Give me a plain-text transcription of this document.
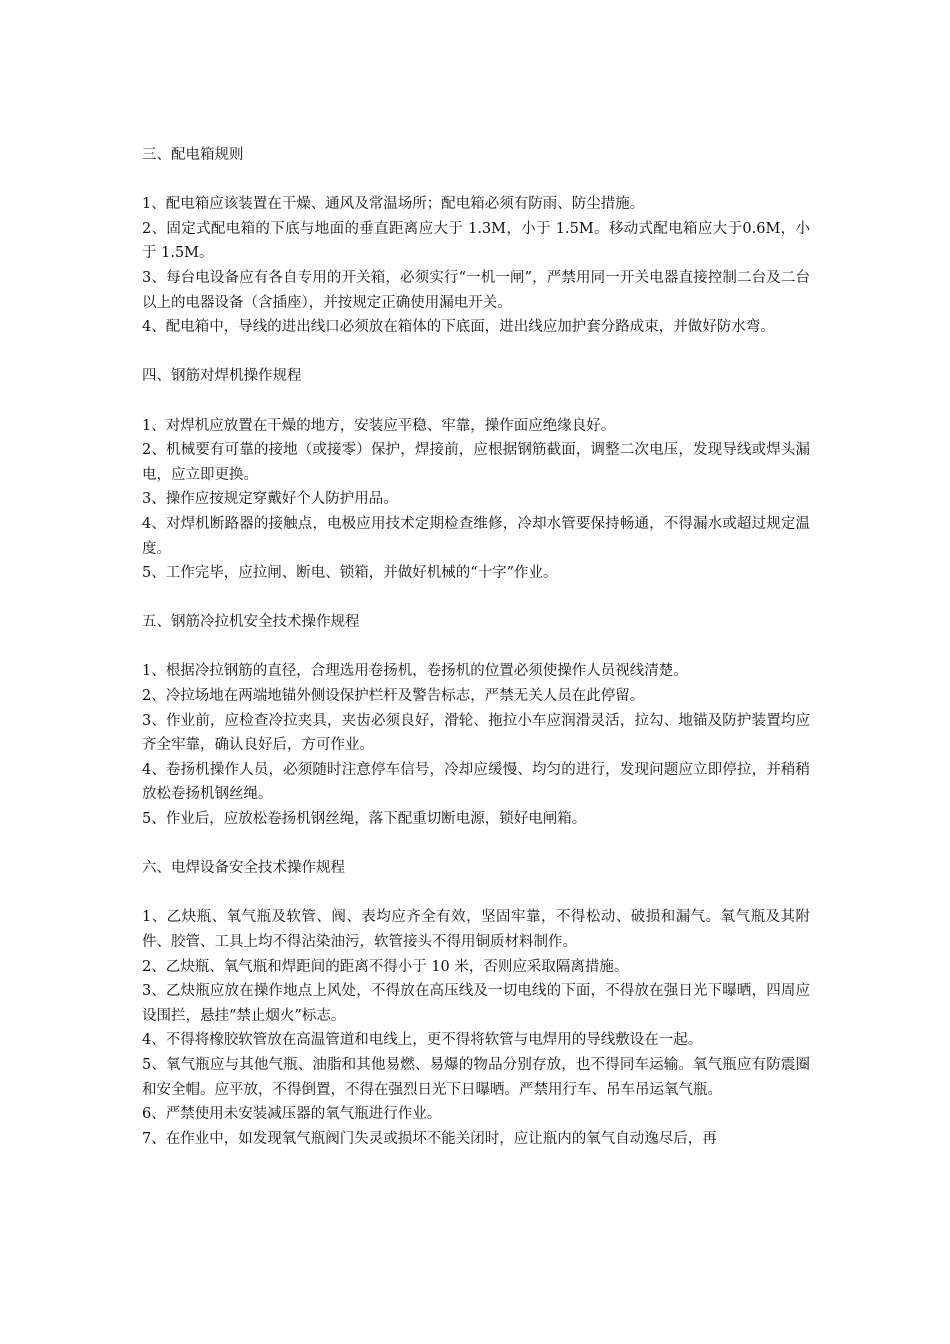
三、配电箱规则

1、配电箱应该装置在干燥、通风及常温场所；配电箱必须有防雨、防尘措施。

2、固定式配电箱的下底与地面的垂直距离应大于 1.3M，小于 1.5M。移动式配电箱应大于0.6M，小于 1.5M。

3、每台电设备应有各自专用的开关箱，必须实行“一机一闸”，严禁用同一开关电器直接控制二台及二台以上的电器设备（含插座），并按规定正确使用漏电开关。

4、配电箱中，导线的进出线口必须放在箱体的下底面，进出线应加护套分路成束，并做好防水弯。

四、钢筋对焊机操作规程

1、对焊机应放置在干燥的地方，安装应平稳、牢靠，操作面应绝缘良好。

2、机械要有可靠的接地（或接零）保护，焊接前，应根据钢筋截面，调整二次电压，发现导线或焊头漏电，应立即更换。

3、操作应按规定穿戴好个人防护用品。

4、对焊机断路器的接触点，电极应用技术定期检查维修，冷却水管要保持畅通，不得漏水或超过规定温度。

5、工作完毕，应拉闸、断电、锁箱，并做好机械的“十字”作业。

五、钢筋冷拉机安全技术操作规程

1、根据冷拉钢筋的直径，合理选用卷扬机，卷扬机的位置必须使操作人员视线清楚。

2、冷拉场地在两端地锚外侧设保护栏杆及警告标志，严禁无关人员在此停留。

3、作业前，应检查冷拉夹具，夹齿必须良好，滑轮、拖拉小车应润滑灵活，拉勾、地锚及防护装置均应齐全牢靠，确认良好后，方可作业。

4、卷扬机操作人员，必须随时注意停车信号，冷却应缓慢、均匀的进行，发现问题应立即停拉，并稍稍放松卷扬机钢丝绳。

5、作业后，应放松卷扬机钢丝绳，落下配重切断电源，锁好电闸箱。

六、电焊设备安全技术操作规程

1、乙炔瓶、氧气瓶及软管、阀、表均应齐全有效，坚固牢靠，不得松动、破损和漏气。氧气瓶及其附件、胶管、工具上均不得沾染油污，软管接头不得用铜质材料制作。

2、乙炔瓶、氧气瓶和焊距间的距离不得小于 10 米，否则应采取隔离措施。

3、乙炔瓶应放在操作地点上风处，不得放在高压线及一切电线的下面，不得放在强日光下曝晒，四周应设围拦，悬挂“禁止烟火”标志。

4、不得将橡胶软管放在高温管道和电线上，更不得将软管与电焊用的导线敷设在一起。

5、氧气瓶应与其他气瓶、油脂和其他易燃、易爆的物品分别存放，也不得同车运输。氧气瓶应有防震圈和安全帽。应平放，不得倒置，不得在强烈日光下日曝晒。严禁用行车、吊车吊运氧气瓶。

6、严禁使用未安装减压器的氧气瓶进行作业。

7、在作业中，如发现氧气瓶阀门失灵或损坏不能关闭时，应让瓶内的氧气自动逸尽后，再
